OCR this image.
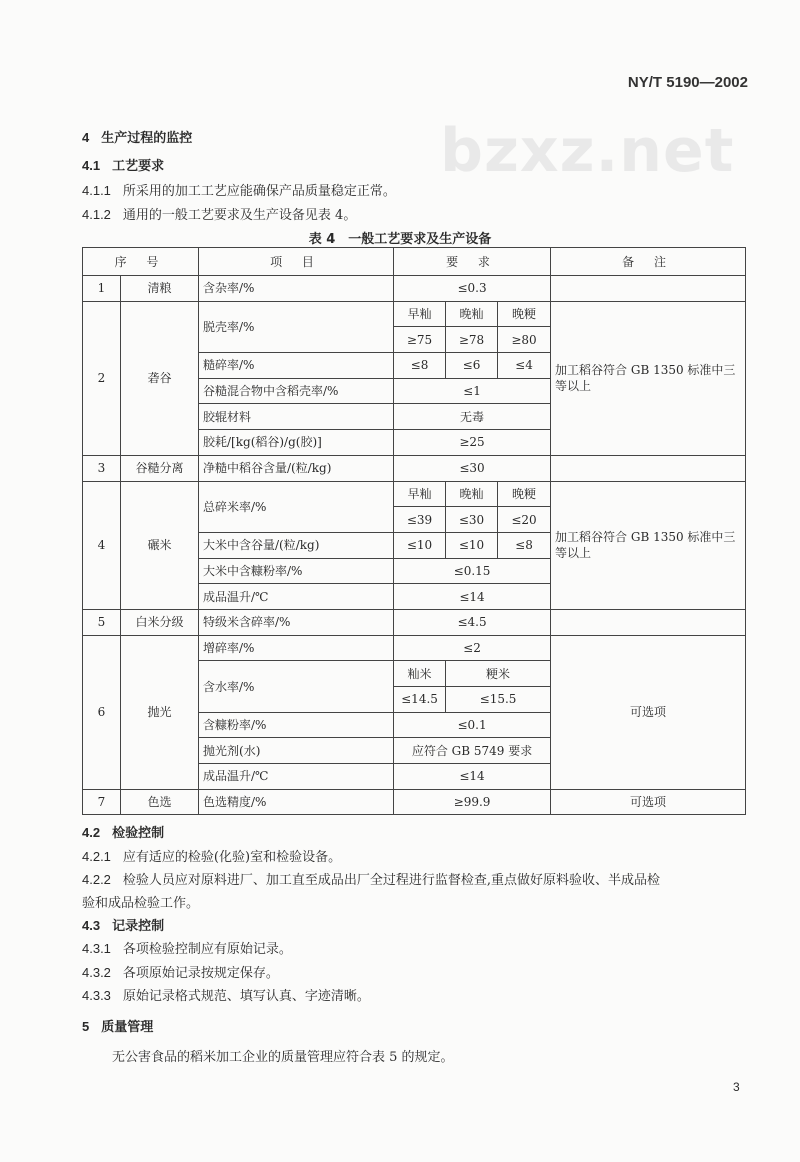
bzxz.net
NY/T 5190—2002
4 生产过程的监控
4.1 工艺要求
4.1.1 所采用的加工工艺应能确保产品质量稳定正常。
4.1.2 通用的一般工艺要求及生产设备见表 4。
表 4　一般工艺要求及生产设备
序 号		项 目	要 求			备 注
1	清粮	含杂率/%	≤0.3			
2	砻谷	脱壳率/%	早籼	晚籼	晚粳	加工稻谷符合 GB 1350 标准中三等以上
			≥75	≥78	≥80	
		糙碎率/%	≤8	≤6	≤4	
		谷糙混合物中含稻壳率/%	≤1			
		胶辊材料	无毒			
		胶耗/[kg(稻谷)/g(胶)]	≥25			
3	谷糙分离	净糙中稻谷含量/(粒/kg)	≤30			
4	碾米	总碎米率/%	早籼	晚籼	晚粳	加工稻谷符合 GB 1350 标准中三等以上
			≤39	≤30	≤20	
		大米中含谷量/(粒/kg)	≤10	≤10	≤8	
		大米中含糠粉率/%	≤0.15			
		成品温升/℃	≤14			
5	白米分级	特级米含碎率/%	≤4.5			
6	抛光	增碎率/%	≤2			可选项
		含水率/%	籼米	粳米		
			≤14.5	≤15.5		
		含糠粉率/%	≤0.1			
		抛光剂(水)	应符合 GB 5749 要求			
		成品温升/℃	≤14			
7	色选	色选精度/%	≥99.9			可选项
4.2 检验控制
4.2.1 应有适应的检验(化验)室和检验设备。
4.2.2 检验人员应对原料进厂、加工直至成品出厂全过程进行监督检查,重点做好原料验收、半成品检
验和成品检验工作。
4.3 记录控制
4.3.1 各项检验控制应有原始记录。
4.3.2 各项原始记录按规定保存。
4.3.3 原始记录格式规范、填写认真、字迹清晰。
5 质量管理
无公害食品的稻米加工企业的质量管理应符合表 5 的规定。
3
